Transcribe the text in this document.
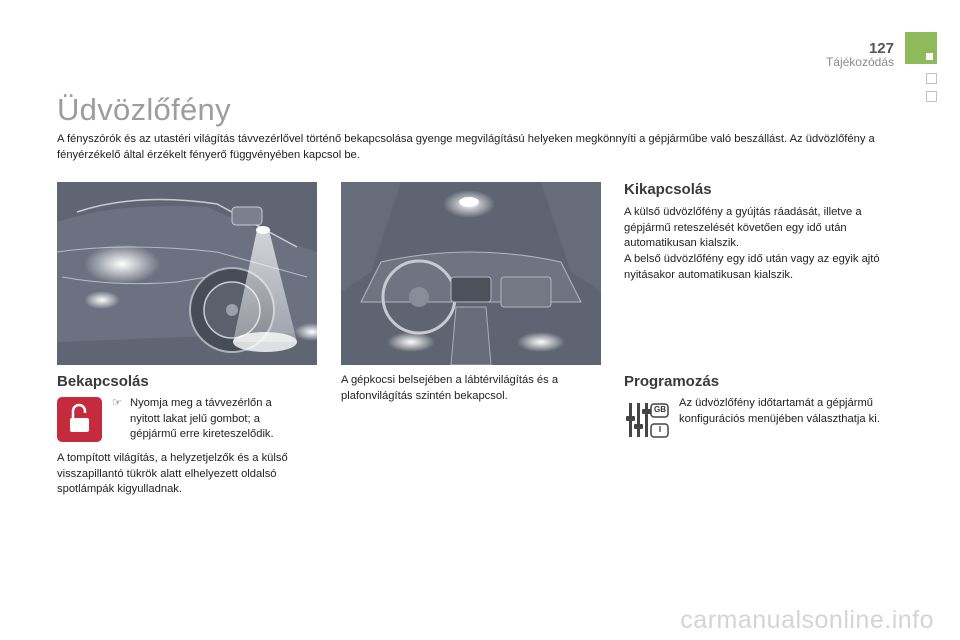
127
Tájékozódás
Üdvözlőfény
A fényszórók és az utastéri világítás távvezérlővel történő bekapcsolása gyenge megvilágítású helyeken megkönnyíti a gépjárműbe való beszállást. Az üdvözlőfény a fényérzékelő által érzékelt fényerő függvényében kapcsol be.
Bekapcsolás
☞ Nyomja meg a távvezérlőn a nyitott lakat jelű gombot; a gépjármű erre kireteszelődik.
A tompított világítás, a helyzetjelzők és a külső visszapillantó tükrök alatt elhelyezett oldalsó spotlámpák kigyulladnak.
A gépkocsi belsejében a lábtérvilágítás és a plafonvilágítás szintén bekapcsol.
Kikapcsolás
A külső üdvözlőfény a gyújtás ráadását, illetve a gépjármű reteszelését követően egy idő után automatikusan kialszik.
A belső üdvözlőfény egy idő után vagy az egyik ajtó nyitásakor automatikusan kialszik.
Programozás
GB
I
Az üdvözlőfény időtartamát a gépjármű konfigurációs menüjében választhatja ki.
carmanualsonline.info
